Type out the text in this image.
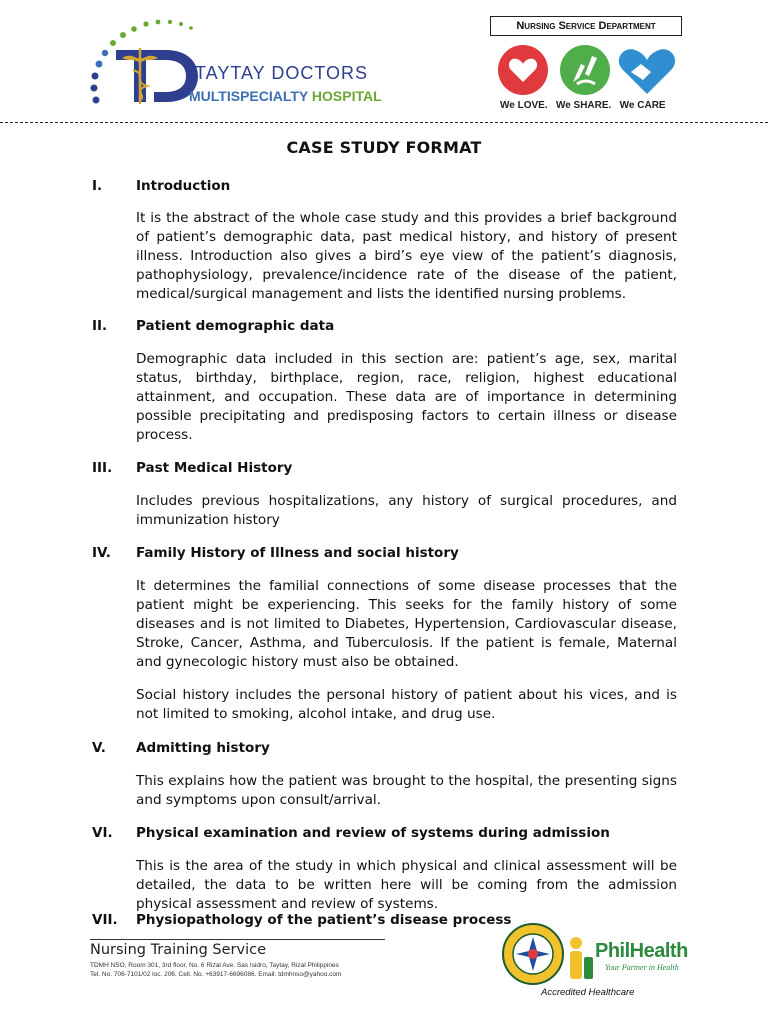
TAYTAY DOCTORS
MULTISPECIALTY HOSPITAL
Nursing Service Department
We LOVE.   We SHARE.   We CARE
CASE STUDY FORMAT
I.	Introduction
It is the abstract of the whole case study and this provides a brief background of patient’s demographic data, past medical history, and history of present illness. Introduction also gives a bird’s eye view of the patient’s diagnosis, pathophysiology, prevalence/incidence rate of the disease of the patient, medical/surgical management and lists the identified nursing problems.
II. Patient demographic data
Demographic data included in this section are: patient’s age, sex, marital status, birthday, birthplace, region, race, religion, highest educational attainment, and occupation. These data are of importance in determining possible precipitating and predisposing factors to certain illness or disease process.
III. Past Medical History
Includes previous hospitalizations, any history of surgical procedures, and immunization history
IV. Family History of Illness and social history
It determines the familial connections of some disease processes that the patient might be experiencing. This seeks for the family history of some diseases and is not limited to Diabetes, Hypertension, Cardiovascular disease, Stroke, Cancer, Asthma, and Tuberculosis. If the patient is female, Maternal and gynecologic history must also be obtained.
Social history includes the personal history of patient about his vices, and is not limited to smoking, alcohol intake, and drug use.
V. Admitting history
This explains how the patient was brought to the hospital, the presenting signs and symptoms upon consult/arrival.
VI. Physical examination and review of systems during admission
This is the area of the study in which physical and clinical assessment will be detailed, the data to be written here will be coming from the admission physical assessment and review of systems.
VII. Physiopathology of the patient’s disease process
Nursing Training Service
TDMH NSO, Room 301, 3rd floor, No. 6 Rizal Ave. Sas Isidro, Taytay, Rizal Philippines
Tel. No. 706-7101/02 loc. 206. Cell. No. +63917-6696086. Email: tdmhnso@yahoo.com
PhilHealth
Your Partner in Health
Accredited Healthcare
